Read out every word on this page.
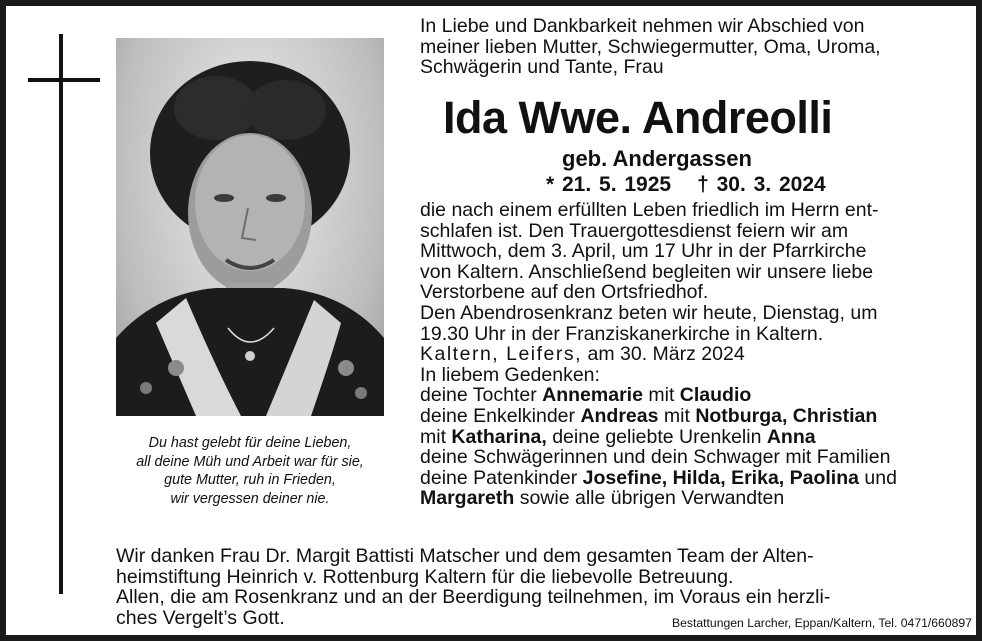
Du hast gelebt für deine Lieben,
all deine Müh und Arbeit war für sie,
gute Mutter, ruh in Frieden,
wir vergessen deiner nie.
In Liebe und Dankbarkeit nehmen wir Abschied von
meiner lieben Mutter, Schwiegermutter, Oma, Uroma,
Schwägerin und Tante, Frau
Ida Wwe. Andreolli
geb. Andergassen
* 21. 5. 1925 † 30. 3. 2024
die nach einem erfüllten Leben friedlich im Herrn ent-
schlafen ist. Den Trauergottesdienst feiern wir am
Mittwoch, dem 3. April, um 17 Uhr in der Pfarrkirche
von Kaltern. Anschließend begleiten wir unsere liebe
Verstorbene auf den Ortsfriedhof.
Den Abendrosenkranz beten wir heute, Dienstag, um
19.30 Uhr in der Franziskanerkirche in Kaltern.
Kaltern, Leifers, am 30. März 2024
In liebem Gedenken:
deine Tochter Annemarie mit Claudio
deine Enkelkinder Andreas mit Notburga, Christian
mit Katharina, deine geliebte Urenkelin Anna
deine Schwägerinnen und dein Schwager mit Familien
deine Patenkinder Josefine, Hilda, Erika, Paolina und
Margareth sowie alle übrigen Verwandten
Wir danken Frau Dr. Margit Battisti Matscher und dem gesamten Team der Alten-
heimstiftung Heinrich v. Rottenburg Kaltern für die liebevolle Betreuung.
Allen, die am Rosenkranz und an der Beerdigung teilnehmen, im Voraus ein herzli-
ches Vergelt’s Gott.	Bestattungen Larcher, Eppan/Kaltern, Tel. 0471/660897
